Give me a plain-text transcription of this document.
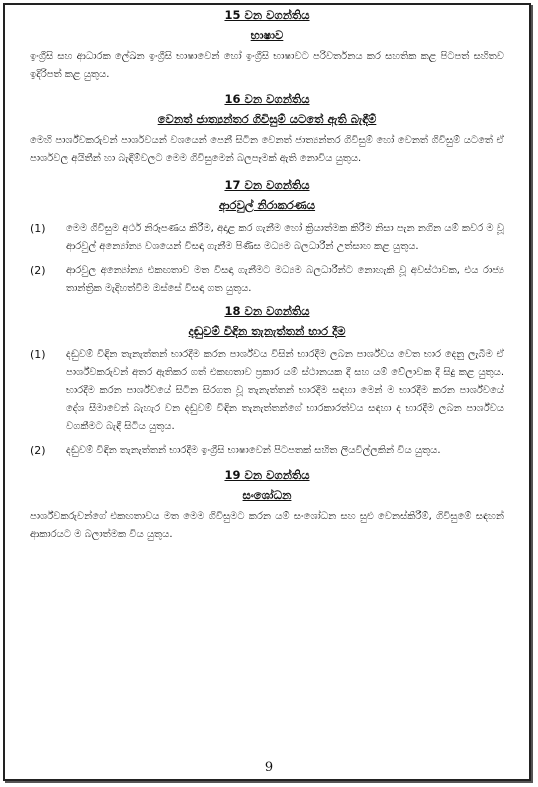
15 වන වගන්තිය

භාෂාව

ඉංග්‍රීසි සහ ආධාරක ලේඛන ඉංග්‍රීසි භාෂාවෙන් හෝ ඉංග්‍රීසි භාෂාවට පරිවර්තනය කර සහතික කළ පිටපත් සහිතව ඉදිරිපත් කළ යුතුය.

16 වන වගන්තිය

වෙනත් ජාත්‍යන්තර ගිවිසුම් යටතේ ඇති බැඳීම්

මෙහි පාර්ශ්වකරුවන් පාර්ශවයන් වශයෙන් පෙනී සිටින වෙනත් ජාත්‍යන්තර ගිවිසුම් හෝ වෙනත් ගිවිසුම් යටතේ ඒ පාර්ශවල අයිතීන් හා බැඳීම්වලට මෙම ගිවිසුමෙන් බලපෑමක් ඇති නොවිය යුතුය.

17 වන වගන්තිය

ආරවුල් නිරාකරණය

(1)	මෙම ගිවිසුම අර්ථ නිරූපණය කිරීම, අදාළ කර ගැනීම හෝ ක්‍රියාත්මක කිරීම නිසා පැන නගින යම් කවර ම වූ ආරවුල් අන්‍යෝන්‍ය වශයෙන් විසඳා ගැනීම පිණිස මධ්‍යම බලධාරීන් උත්සාහ කළ යුතුය.
(2)	ආරවුල අන්‍යෝන්‍ය එකඟතාව මත විසඳා ගැනීමට මධ්‍යම බලධාරීන්ට නොහැකි වූ අවස්ථාවක, එය රාජ්‍ය තාන්ත්‍රික මැදිහත්වීම ඔස්සේ විසඳා ගත යුතුය.

18 වන වගන්තිය

දඬුවම් විඳින තැනැත්තන් භාර දීම

(1)	දඬුවම් විඳින තැනැත්තන් භාරදීම කරන පාර්ශ්වය විසින් භාරදීම ලබන පාර්ශ්වය වෙත භාර දෙනු ලැබීම ඒ පාර්ශ්වකරුවන් අතර ඇතිකර ගත් එකඟතාව ප්‍රකාර යම් ස්ථානයක දී සහ යම් වේලාවක දී සිදු කළ යුතුය. භාරදීම කරන පාර්ශ්වයේ සිටින සිරගත වූ තැනැත්තන් භාරදීම සඳහා මෙන් ම භාරදීම කරන පාර්ශ්වයේ දේශ සීමාවෙන් බැහැර වන දඬුවම් විඳින තැනැත්තන්ගේ භාරකාරත්වය සඳහා ද භාරදීම ලබන පාර්ශ්වය වගකීමට බැඳී සිටිය යුතුය.
(2)	දඬුවම් විඳින තැනැත්තන් භාරදීම ඉංග්‍රීසි භාෂාවෙන් පිටපතක් සහිත ලියවිල්ලකින් විය යුතුය.

19 වන වගන්තිය

සංශෝධන

පාර්ශ්වකරුවන්ගේ එකඟතාවය මත මෙම ගිවිසුමට කරන යම් සංශෝධන සහ සුළු වෙනස්කිරීම්, ගිවිසුමේ සඳහන් ආකාරයට ම බලාත්මක විය යුතුය.

9
